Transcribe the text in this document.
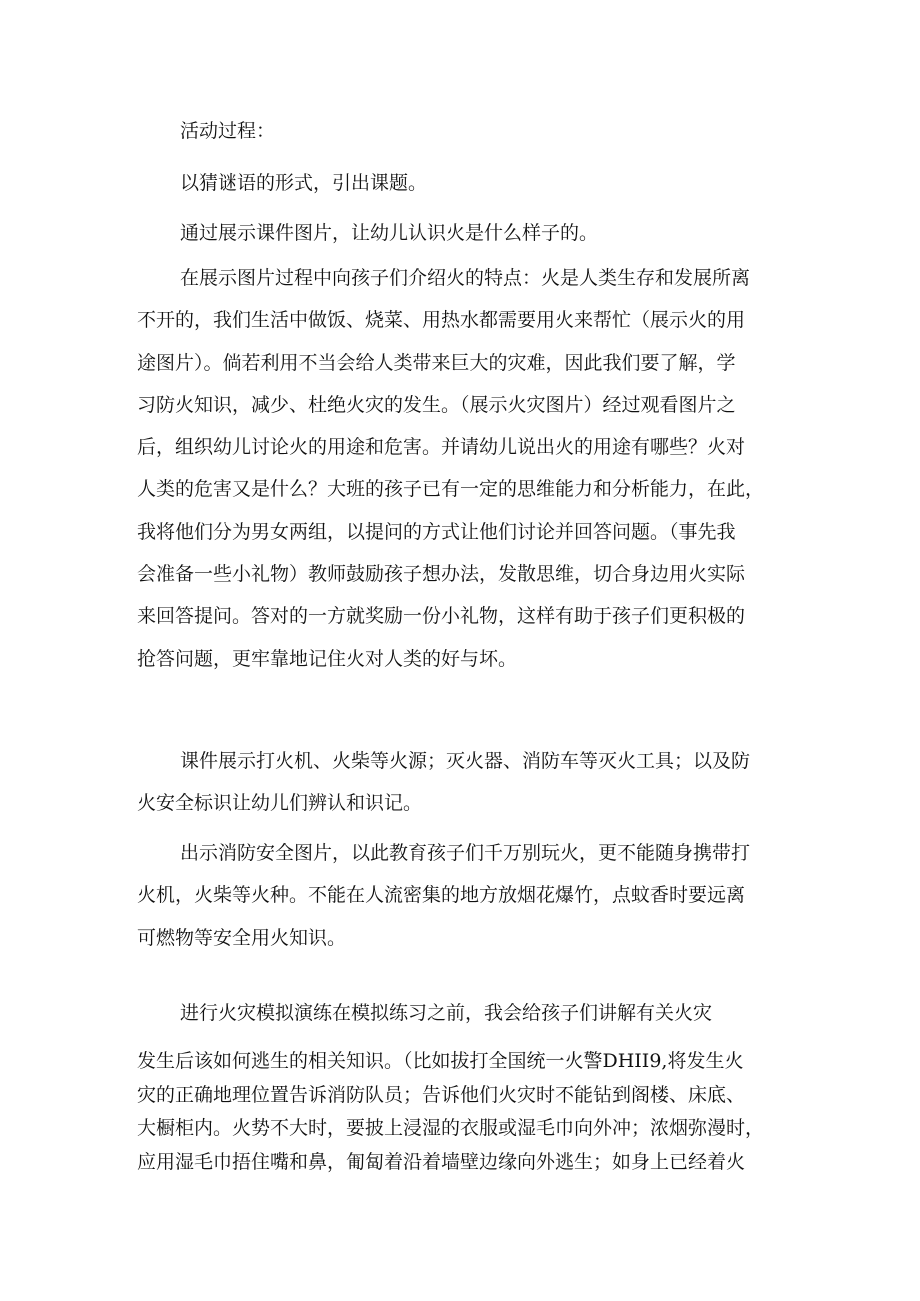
活动过程：

以猜谜语的形式，引出课题。

通过展示课件图片，让幼儿认识火是什么样子的。

在展示图片过程中向孩子们介绍火的特点：火是人类生存和发展所离
不开的，我们生活中做饭、烧菜、用热水都需要用火来帮忙（展示火的用
途图片）。倘若利用不当会给人类带来巨大的灾难，因此我们要了解，学
习防火知识，减少、杜绝火灾的发生。（展示火灾图片）经过观看图片之
后，组织幼儿讨论火的用途和危害。并请幼儿说出火的用途有哪些？火对
人类的危害又是什么？大班的孩子已有一定的思维能力和分析能力，在此，
我将他们分为男女两组，以提问的方式让他们讨论并回答问题。（事先我
会准备一些小礼物）教师鼓励孩子想办法，发散思维，切合身边用火实际
来回答提问。答对的一方就奖励一份小礼物，这样有助于孩子们更积极的
抢答问题，更牢靠地记住火对人类的好与坏。

课件展示打火机、火柴等火源；灭火器、消防车等灭火工具；以及防
火安全标识让幼儿们辨认和识记。

出示消防安全图片，以此教育孩子们千万别玩火，更不能随身携带打
火机，火柴等火种。不能在人流密集的地方放烟花爆竹，点蚊香时要远离
可燃物等安全用火知识。

进行火灾模拟演练在模拟练习之前，我会给孩子们讲解有关火灾

发生后该如何逃生的相关知识。（比如拔打全国统一火警DHII9,将发生火
灾的正确地理位置告诉消防队员；告诉他们火灾时不能钻到阁楼、床底、
大橱柜内。火势不大时，要披上浸湿的衣服或湿毛巾向外冲；浓烟弥漫时，
应用湿毛巾捂住嘴和鼻，匍匐着沿着墙壁边缘向外逃生；如身上已经着火
